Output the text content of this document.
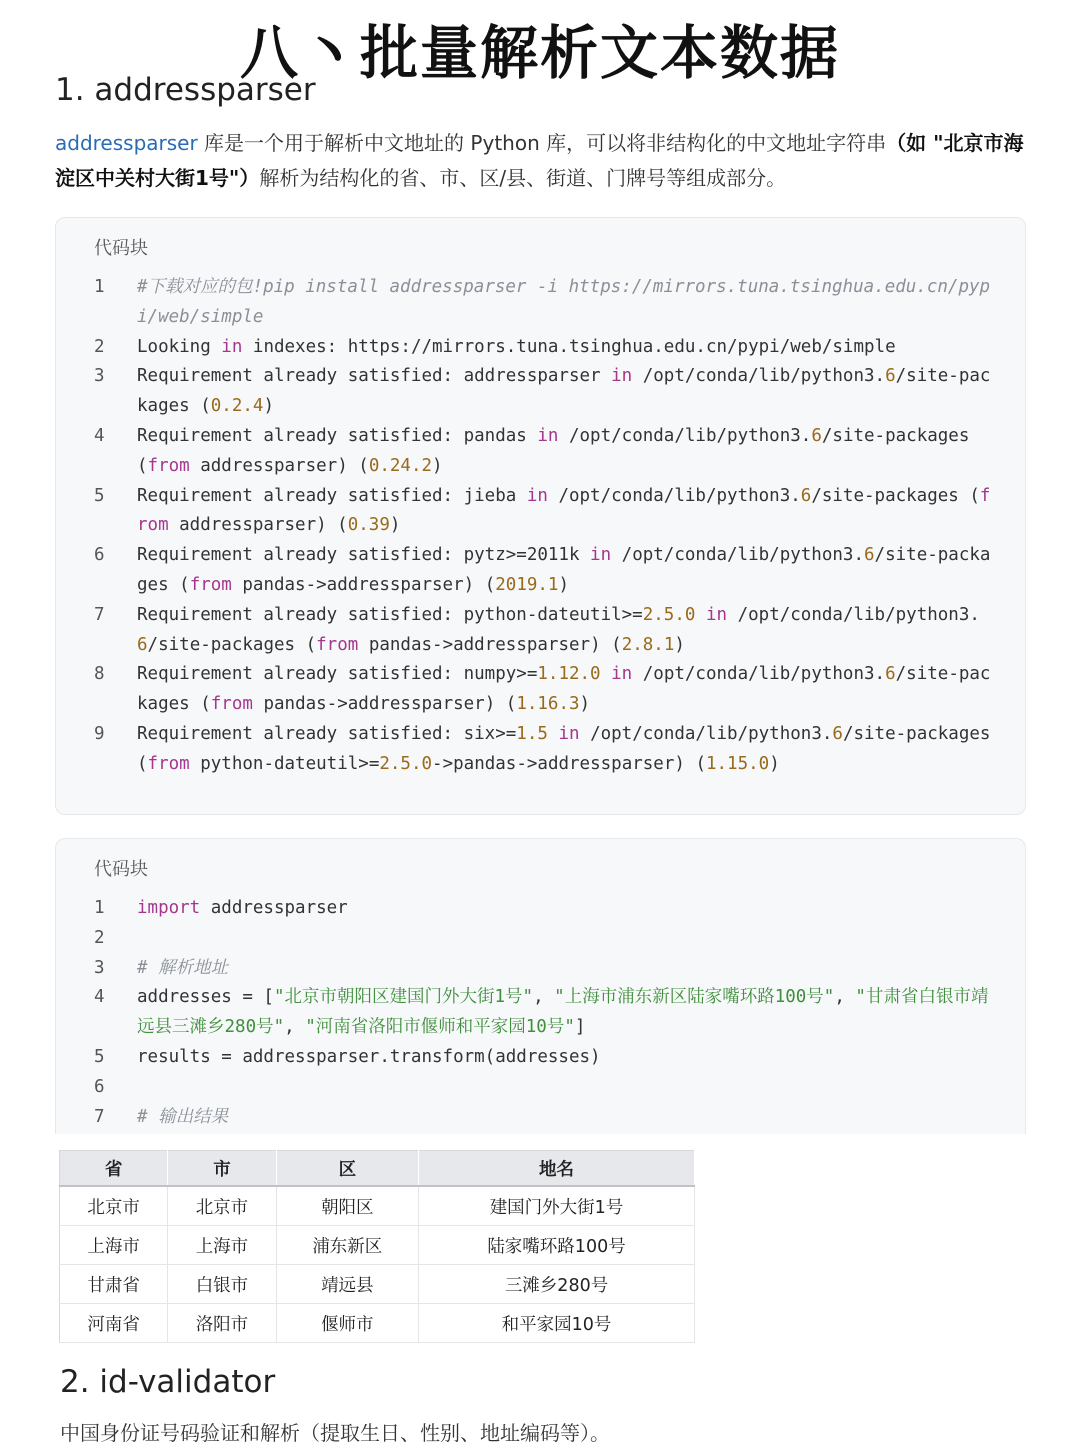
八丶批量解析文本数据
1. addressparser
addressparser 库是一个用于解析中文地址的 Python 库，可以将非结构化的中文地址字符串（如 "北京市海淀区中关村大街1号"）解析为结构化的省、市、区/县、街道、门牌号等组成部分。
代码块
1	#下载对应的包!pip install addressparser -i https://mirrors.tuna.tsinghua.edu.cn/pypi/web/simple
2	Looking in indexes: https://mirrors.tuna.tsinghua.edu.cn/pypi/web/simple
3	Requirement already satisfied: addressparser in /opt/conda/lib/python3.6/site-packages (0.2.4)
4	Requirement already satisfied: pandas in /opt/conda/lib/python3.6/site-packages (from addressparser) (0.24.2)
5	Requirement already satisfied: jieba in /opt/conda/lib/python3.6/site-packages (from addressparser) (0.39)
6	Requirement already satisfied: pytz>=2011k in /opt/conda/lib/python3.6/site-packages (from pandas->addressparser) (2019.1)
7	Requirement already satisfied: python-dateutil>=2.5.0 in /opt/conda/lib/python3.6/site-packages (from pandas->addressparser) (2.8.1)
8	Requirement already satisfied: numpy>=1.12.0 in /opt/conda/lib/python3.6/site-packages (from pandas->addressparser) (1.16.3)
9	Requirement already satisfied: six>=1.5 in /opt/conda/lib/python3.6/site-packages (from python-dateutil>=2.5.0->pandas->addressparser) (1.15.0)
代码块
1	import addressparser
2

3	# 解析地址
4	addresses = ["北京市朝阳区建国门外大街1号", "上海市浦东新区陆家嘴环路100号", "甘肃省白银市靖远县三滩乡280号", "河南省洛阳市偃师和平家园10号"]
5	results = addressparser.transform(addresses)
6

7	# 输出结果
省	市	区	地名
北京市	北京市	朝阳区	建国门外大街1号
上海市	上海市	浦东新区	陆家嘴环路100号
甘肃省	白银市	靖远县	三滩乡280号
河南省	洛阳市	偃师市	和平家园10号
2. id-validator
中国身份证号码验证和解析（提取生日、性别、地址编码等）。
